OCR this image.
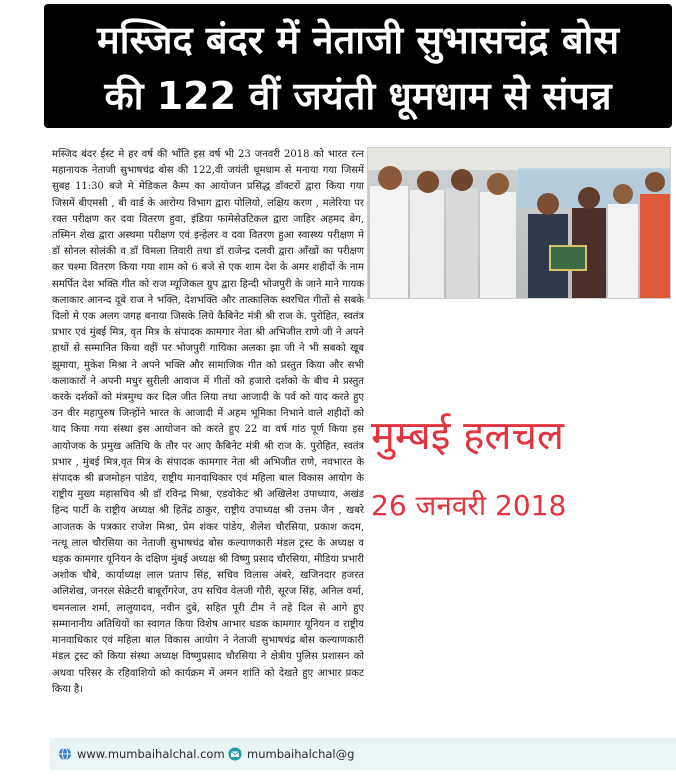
मस्जिद बंदर में नेताजी सुभासचंद्र बोस
की 122 वीं जयंती धूमधाम से संपन्न

मस्जिद बंदर ईस्ट मे हर वर्ष की भाँति इस वर्ष भी 23 जनवरी 2018 को भारत रत्न महानायक नेताजी सुभाषचंद्र बोस की 122,वी जयंती धूमधाम से मनाया गया जिसमें सुबह 11:30 बजे मे मेडिकल कैम्प का आयोजन प्रसिद्ध डॉक्टरों द्वारा किया गया जिसमें बीएमसी , बी वार्ड के आरोग्य विभाग द्वारा पोलियो, लक्षिय करण , मलेरिया पर रक्त परीक्षण कर दवा वितरण हुवा, इंडिया फामेसेउटिकल द्वारा जाहिर अहमद बेग, तस्मिन शेख द्वारा अस्थमा परीक्षण एवं इन्हेलर व दवा वितरण हुआ स्वास्थ्य परीक्षण मे डॉ सोनल सोलंकी व डॉ विमला तिवारी तथा डॉ राजेन्द्र दलवी द्वारा आँखों का परीक्षण कर चश्मा वितरण किया गया शाम को 6 बजे से एक शाम देश के अमर शहीदों के नाम समर्पित देश भक्ति गीत को राज म्यूजिकल ग्रुप द्वारा हिन्दी भोजपुरी के जाने माने गायक कलाकार आनन्द दूबे राज ने भक्ति, देशभक्ति और तात्कालिक स्वरचित गीतों से सबके दिलो मे एक अलग जगह बनाया जिसके लिये कैबिनेट मंत्री श्री राज के. पुरोहित, स्वतंत्र प्रभार एवं मुंबई मित्र, वृत मित्र के संपादक कामगार नेता श्री अभिजीत राणे जी ने अपने हाथों से सम्मानित किया वहीं पर भोजपुरी गायिका अलका झा जी ने भी सबको खूब झुमाया, मुकेश मिश्रा ने अपने भक्ति और सामाजिक गीत को प्रस्तुत किया और सभी कलाकारों ने अपनी मधुर सुरीली आवाज में गीतों को हजारो दर्शको के बीच मे प्रस्तुत करके दर्शकों को मंत्रमुग्ध कर दिल जीत लिया तथा आजादी के पर्व को याद करते हुए उन वीर महापुरुष जिन्होंने भारत के आजादी में अहम भूमिका निभाने वाले शहीदों को याद किया गया संस्था इस आयोजन को करते हुए 22 वा वर्ष गांठ पूर्ण किया इस आयोजक के प्रमुख अतिथि के तौर पर आए कैबिनेट मंत्री श्री राज के. पुरोहित, स्वतंत्र प्रभार , मुंबई मित्र,वृत मित्र के संपादक कामगार नेता श्री अभिजीत राणे, नवभारत के संपादक श्री ब्रजमोहन पांडेय, राष्ट्रीय मानवाधिकार एवं महिला बाल विकास आयोग के राष्ट्रीय मुख्य महासचिव श्री डॉ रविन्द्र मिश्रा, एडवोकेट श्री अखिलेश उपाध्याय, अखंड हिन्द पार्टी के राष्ट्रीय अध्यक्ष श्री हितेंद्र ठाकुर, राष्ट्रीय उपाध्यक्ष श्री उत्तम जैन , खबरे आजतक के पत्रकार राजेश मिश्रा, प्रेम शंकर पांडेय, शैलेश चौरसिया, प्रकाश कदम, नत्थू लाल चौरसिया का नेताजी सुभाषचंद्र बोस कल्याणकारी मंडल ट्रस्ट के अध्यक्ष व धड़क कामगार यूनियन के दक्षिण मुंबई अध्यक्ष श्री विष्णु प्रसाद चौरसिया, मीडिया प्रभारी अशोक चौबे, कार्याध्यक्ष लाल प्रताप सिंह, सचिव विलास अंबरे, खजिनदार हजरत अलिशेख, जनरल सेक्रेटरी बाबूराँगरेज, उप सचिव वेलजी गौरी, सूरज सिंह, अनिल वर्मा, चमनलाल शर्मा, लालुयादव, नवीन दुबे, सहित पूरी टीम ने तहे दिल से आगे हुए सम्मानानीय अतिथियों का स्वागत किया विशेष आभार धडक कामगार यूनियन व राष्ट्रीय मानवाधिकार एवं महिला बाल विकास आयोग ने नेताजी सुभाषचंद्र बोस कल्याणकारी मंडल ट्रस्ट को किया संस्था अध्यक्ष विष्णुप्रसाद चौरसिया ने क्षेत्रीय पुलिस प्रशासन को अथवा परिसर के रहिवाशियो को कार्यक्रम में अमन शांति को देखते हुए आभार प्रकट किया है।

मुम्बई हलचल
26 जनवरी 2018
www.mumbaihalchal.com mumbaihalchal@g
